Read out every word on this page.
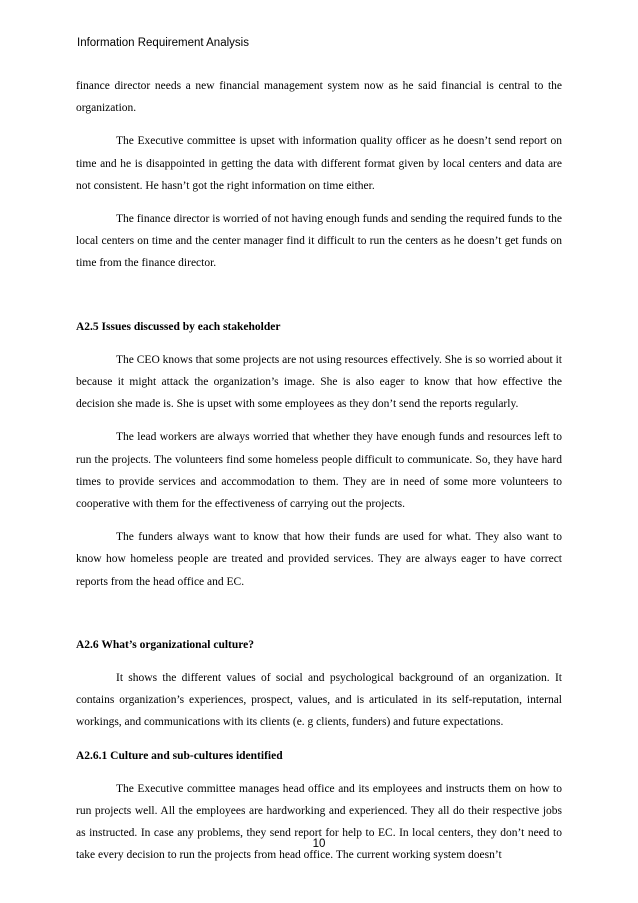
Information Requirement Analysis

finance director needs a new financial management system now as he said financial is central to the organization.

The Executive committee is upset with information quality officer as he doesn’t send report on time and he is disappointed in getting the data with different format given by local centers and data are not consistent. He hasn’t got the right information on time either.

The finance director is worried of not having enough funds and sending the required funds to the local centers on time and the center manager find it difficult to run the centers as he doesn’t get funds on time from the finance director.

A2.5 Issues discussed by each stakeholder

The CEO knows that some projects are not using resources effectively. She is so worried about it because it might attack the organization’s image. She is also eager to know that how effective the decision she made is. She is upset with some employees as they don’t send the reports regularly.

The lead workers are always worried that whether they have enough funds and resources left to run the projects. The volunteers find some homeless people difficult to communicate. So, they have hard times to provide services and accommodation to them. They are in need of some more volunteers to cooperative with them for the effectiveness of carrying out the projects.

The funders always want to know that how their funds are used for what. They also want to know how homeless people are treated and provided services. They are always eager to have correct reports from the head office and EC.

A2.6 What’s organizational culture?

It shows the different values of social and psychological background of an organization. It contains organization’s experiences, prospect, values, and is articulated in its self-reputation, internal workings, and communications with its clients (e. g clients, funders) and future expectations.

A2.6.1 Culture and sub-cultures identified

The Executive committee manages head office and its employees and instructs them on how to run projects well. All the employees are hardworking and experienced. They all do their respective jobs as instructed. In case any problems, they send report for help to EC. In local centers, they don’t need to take every decision to run the projects from head office. The current working system doesn’t

10
